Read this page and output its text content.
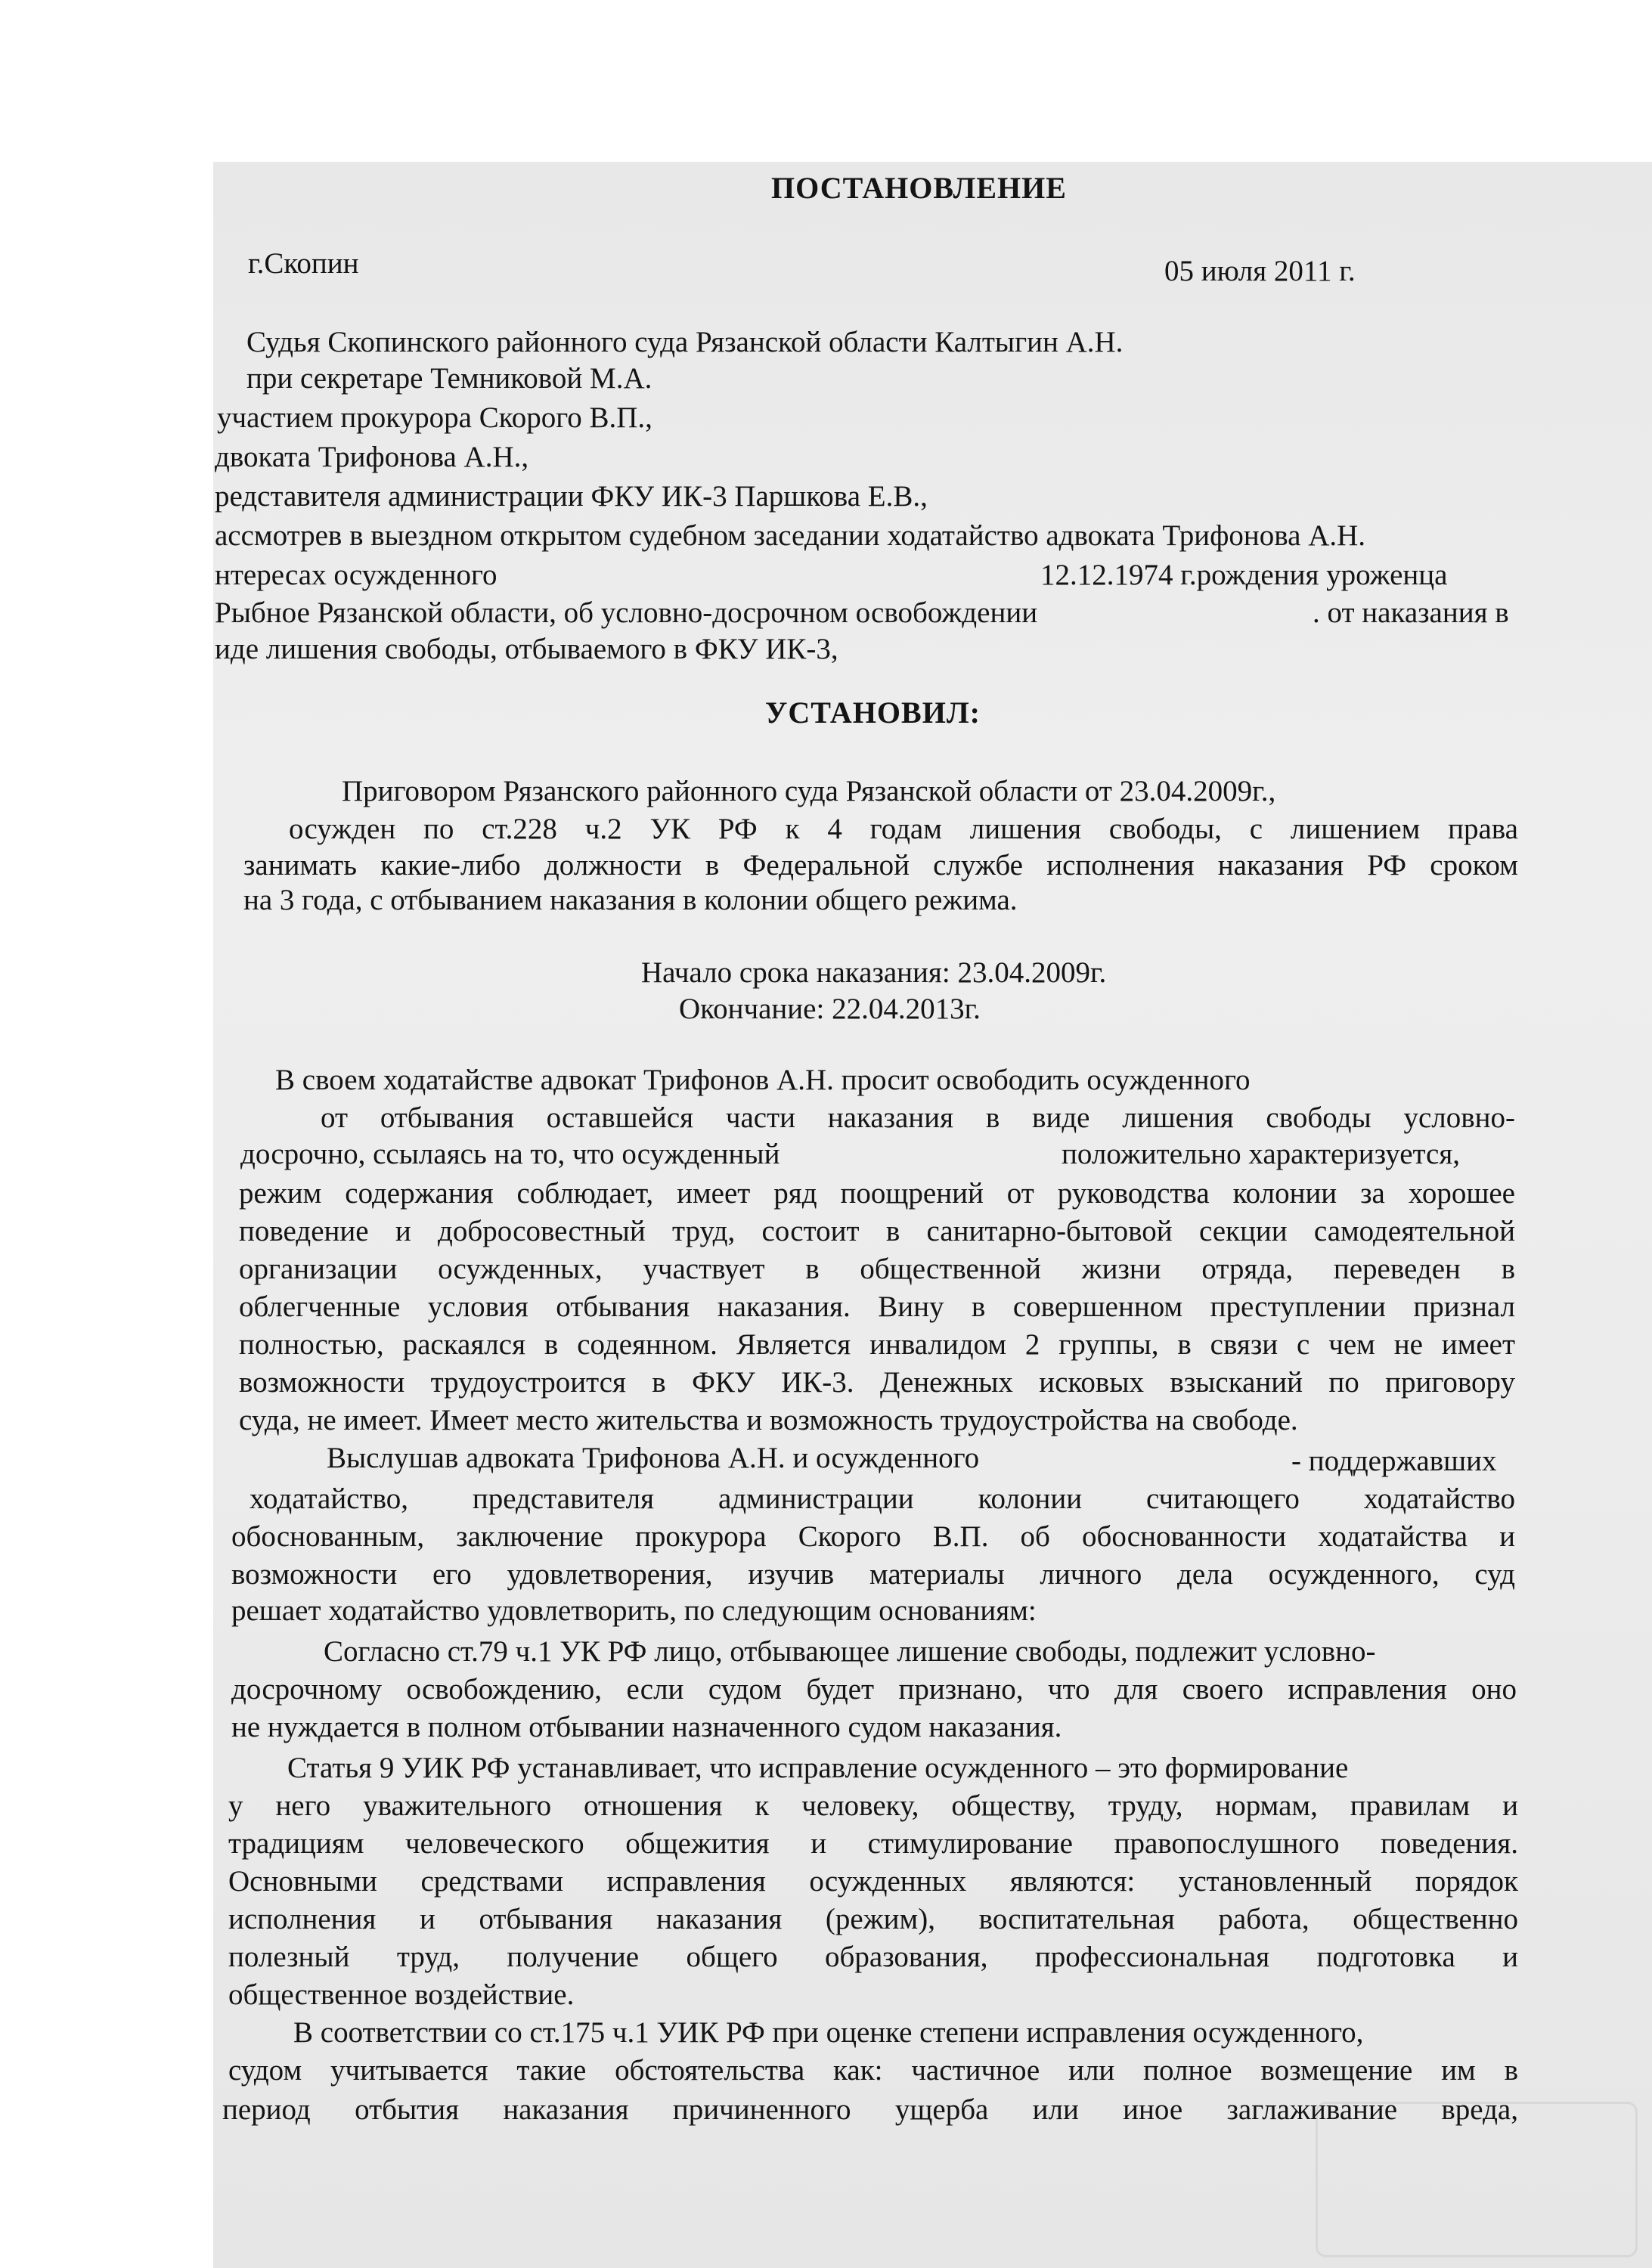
ПОСТАНОВЛЕНИЕ
г.Скопин	05 июля 2011 г.
Судья Скопинского районного суда Рязанской области Калтыгин А.Н.
при секретаре Темниковой М.А.
участием прокурора Скорого В.П.,
двоката Трифонова А.Н.,
редставителя администрации ФКУ ИК-3 Паршкова Е.В.,
ассмотрев в выездном открытом судебном заседании ходатайство адвоката Трифонова А.Н.
нтересах осужденного	12.12.1974 г.рождения уроженца
Рыбное Рязанской области, об условно-досрочном освобождении	. от наказания в
иде лишения свободы, отбываемого в ФКУ ИК-3,
УСТАНОВИЛ:
Приговором Рязанского районного суда Рязанской области от 23.04.2009г.,
осужден по ст.228 ч.2 УК РФ к 4 годам лишения свободы, с лишением права
занимать какие-либо должности в Федеральной службе исполнения наказания РФ сроком
на 3 года, с отбыванием наказания в колонии общего режима.
Начало срока наказания: 23.04.2009г.
Окончание: 22.04.2013г.
В своем ходатайстве адвокат Трифонов А.Н. просит освободить осужденного
от отбывания оставшейся части наказания в виде лишения свободы условно-
досрочно, ссылаясь на то, что осужденный	положительно характеризуется,
режим содержания соблюдает, имеет ряд поощрений от руководства колонии за хорошее
поведение и добросовестный труд, состоит в санитарно-бытовой секции самодеятельной
организации осужденных, участвует в общественной жизни отряда, переведен в
облегченные условия отбывания наказания. Вину в совершенном преступлении признал
полностью, раскаялся в содеянном. Является инвалидом 2 группы, в связи с чем не имеет
возможности трудоустроится в ФКУ ИК-3. Денежных исковых взысканий по приговору
суда, не имеет. Имеет место жительства и возможность трудоустройства на свободе.
Выслушав адвоката Трифонова А.Н. и осужденного	- поддержавших
ходатайство, представителя администрации колонии считающего ходатайство
обоснованным, заключение прокурора Скорого В.П. об обоснованности ходатайства и
возможности его удовлетворения, изучив материалы личного дела осужденного, суд
решает ходатайство удовлетворить, по следующим основаниям:
Согласно ст.79 ч.1 УК РФ лицо, отбывающее лишение свободы, подлежит условно-
досрочному освобождению, если судом будет признано, что для своего исправления оно
не нуждается в полном отбывании назначенного судом наказания.
Статья 9 УИК РФ устанавливает, что исправление осужденного – это формирование
у него уважительного отношения к человеку, обществу, труду, нормам, правилам и
традициям человеческого общежития и стимулирование правопослушного поведения.
Основными средствами исправления осужденных являются: установленный порядок
исполнения и отбывания наказания (режим), воспитательная работа, общественно
полезный труд, получение общего образования, профессиональная подготовка и
общественное воздействие.
В соответствии со ст.175 ч.1 УИК РФ при оценке степени исправления осужденного,
судом учитывается такие обстоятельства как: частичное или полное возмещение им в
период отбытия наказания причиненного ущерба или иное заглаживание вреда,
